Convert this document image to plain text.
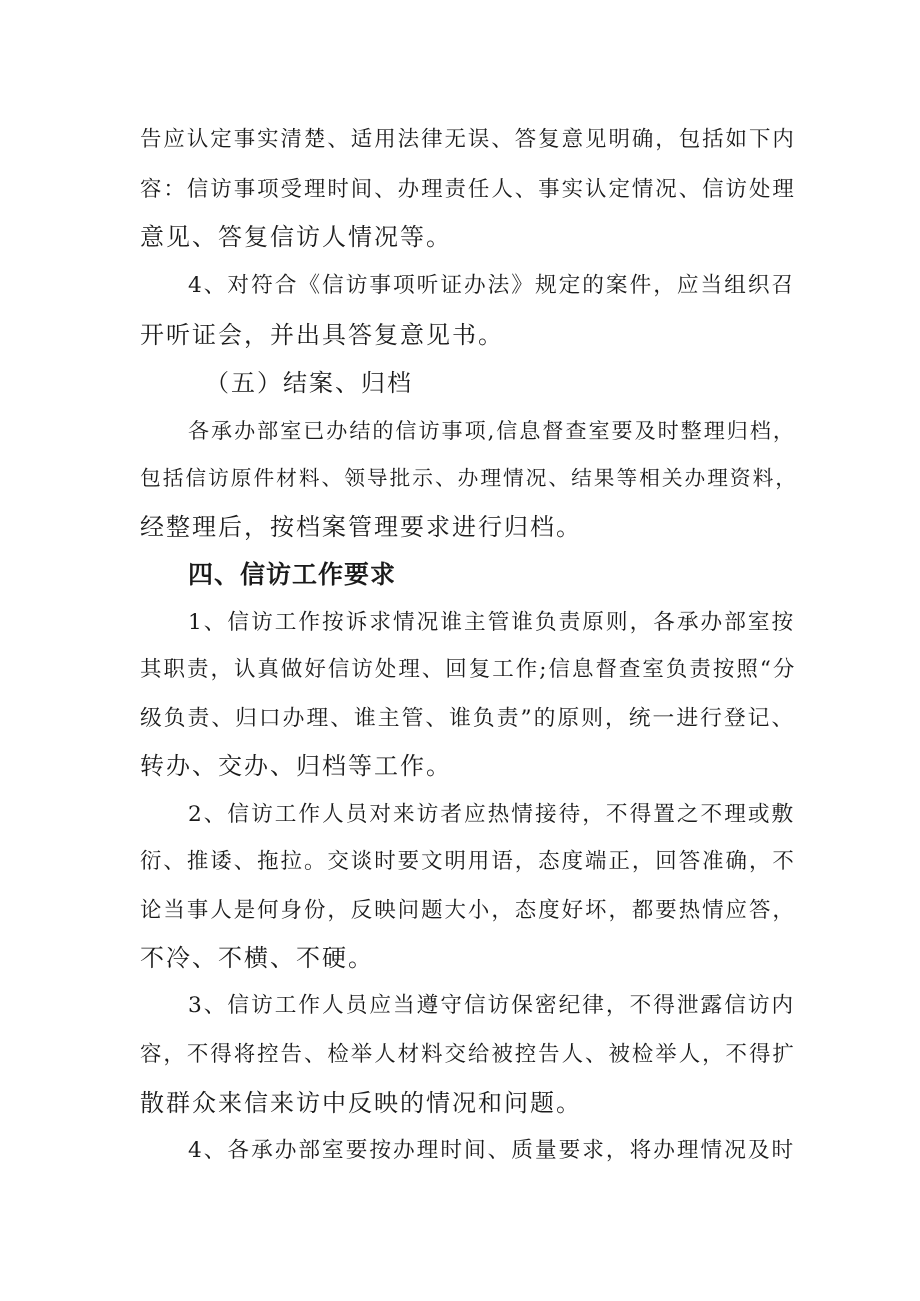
告应认定事实清楚、适用法律无误、答复意见明确，包括如下内
容：信访事项受理时间、办理责任人、事实认定情况、信访处理
意见、答复信访人情况等。
4、对符合《信访事项听证办法》规定的案件，应当组织召
开听证会，并出具答复意见书。
（五）结案、归档
各承办部室已办结的信访事项,信息督查室要及时整理归档，
包括信访原件材料、领导批示、办理情况、结果等相关办理资料，
经整理后，按档案管理要求进行归档。
四、信访工作要求
1、信访工作按诉求情况谁主管谁负责原则，各承办部室按
其职责，认真做好信访处理、回复工作;信息督查室负责按照“分
级负责、归口办理、谁主管、谁负责”的原则，统一进行登记、
转办、交办、归档等工作。
2、信访工作人员对来访者应热情接待，不得置之不理或敷
衍、推诿、拖拉。交谈时要文明用语，态度端正，回答准确，不
论当事人是何身份，反映问题大小，态度好坏，都要热情应答，
不冷、不横、不硬。
3、信访工作人员应当遵守信访保密纪律，不得泄露信访内
容，不得将控告、检举人材料交给被控告人、被检举人，不得扩
散群众来信来访中反映的情况和问题。
4、各承办部室要按办理时间、质量要求，将办理情况及时
